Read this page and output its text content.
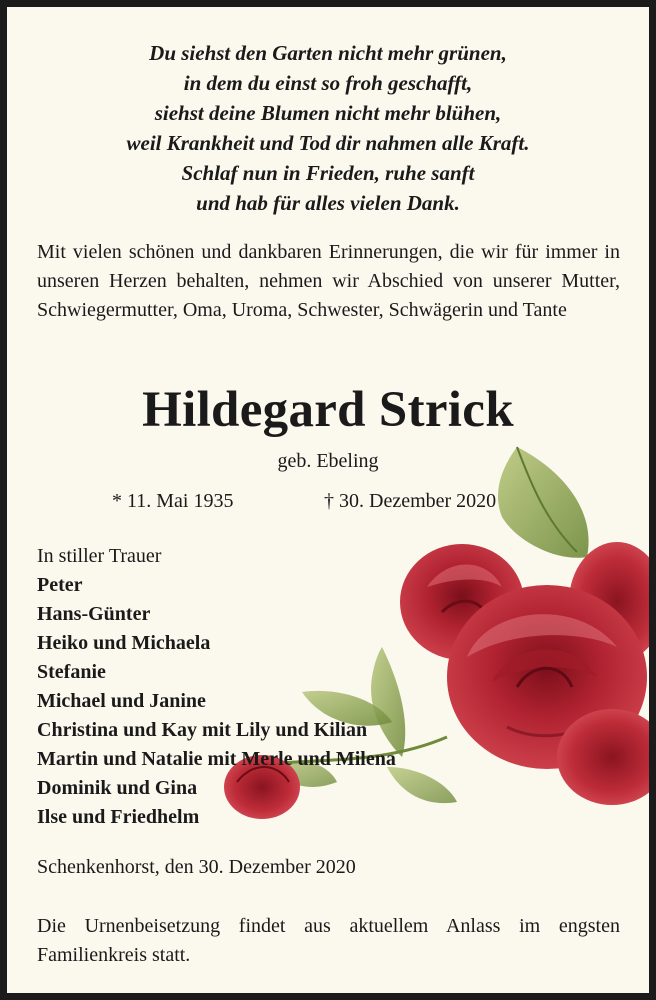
Du siehst den Garten nicht mehr grünen,
in dem du einst so froh geschafft,
siehst deine Blumen nicht mehr blühen,
weil Krankheit und Tod dir nahmen alle Kraft.
Schlaf nun in Frieden, ruhe sanft
und hab für alles vielen Dank.
Mit vielen schönen und dankbaren Erinnerungen, die wir für immer in unseren Herzen behalten, nehmen wir Abschied von unserer Mutter, Schwiegermutter, Oma, Uroma, Schwester, Schwägerin und Tante
Hildegard Strick
geb. Ebeling
* 11. Mai 1935	† 30. Dezember 2020
In stiller Trauer
Peter
Hans-Günter
Heiko und Michaela
Stefanie
Michael und Janine
Christina und Kay mit Lily und Kilian
Martin und Natalie mit Merle und Milena
Dominik und Gina
Ilse und Friedhelm
Schenkenhorst, den 30. Dezember 2020
Die Urnenbeisetzung findet aus aktuellem Anlass im engsten Familienkreis statt.
